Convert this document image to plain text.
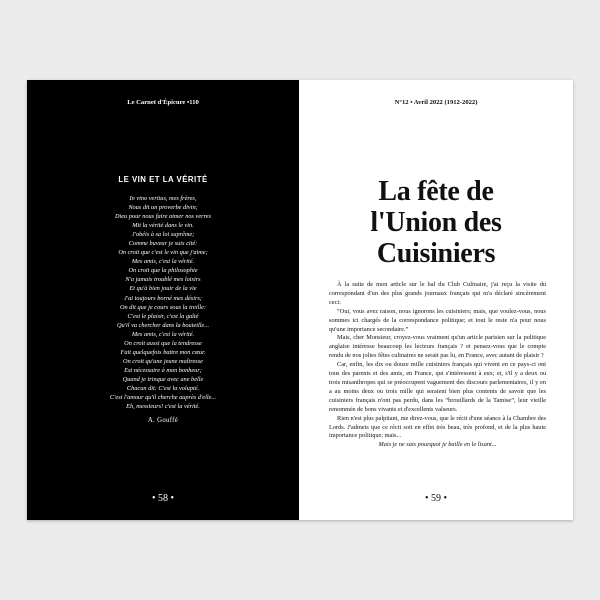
Le Carnet d'Épicure •110
LE VIN ET LA VÉRITÉ
In vino veritas, mes frères,
Nous dit un proverbe divin;
Dieu pour nous faire aimer nos verres
Mit la vérité dans le vin.
J'obéis à sa loi suprême;
Comme buveur je suis cité:
On croit que c'est le vin que j'aime;
Mes amis, c'est la vérité.
On croit que la philosophie
N'a jamais troublé mes loisirs
Et qu'à bien jouir de la vie
J'ai toujours borné mes désirs;
On dit que je cours sous la treille:
C'est le plaisir, c'est la gaîté
Qu'il va chercher dans la bouteille...
Mes amis, c'est la vérité.
On croit aussi que la tendresse
Fait quelquefois battre mon cœur.
On croit qu'une jeune maîtresse
Est nécessaire à mon bonheur;
Quand je trinque avec une belle
Chacun dit: C'est la volupté.
C'est l'amour qu'il cherche auprès d'elle...
Eh, messieurs! c'est la vérité.
A. Gouffé
• 58 •
N°12 • Avril 2022 (1912-2022)
La fête de
l'Union des
Cuisiniers

À la suite de mon article sur le bal du Club Culinaire, j'ai reçu la visite du correspondant d'un des plus grands journaux français qui m'a déclaré sincèrement ceci:

“Oui, vous avez raison, nous ignorons les cuisiniers; mais, que voulez-vous, nous sommes ici chargés de la correspondance politique; et tout le reste n'a pour nous qu'une importance secondaire.”

Mais, cher Monsieur, croyez-vous vraiment qu'un article parisien sur la politique anglaise intéresse beaucoup les lecteurs français ? et pensez-vous que le compte rendu de nos jolies fêtes culinaires ne serait pas lu, en France, avec autant de plaisir ?

Car, enfin, les dix ou douze mille cuisiniers français qui vivent en ce pays-ci ont tous des parents et des amis, en France, qui s'intéressent à eux; et, s'il y a deux ou trois misanthropes qui se préoccupent vaguement des discours parlementaires, il y en a au moins deux ou trois mille qui seraient bien plus contents de savoir que les cuisiniers français n'ont pas perdu, dans les “brouillards de la Tamise”, leur vieille renommée de bons vivants et d'excellents valseurs.

Rien n'est plus palpitant, me direz-vous, que le récit d'une séance à la Chambre des Lords. J'admets que ce récit soit en effet très beau, très profond, et de la plus haute importance politique; mais...

Mais je ne sais pourquoi je baille en le lisant...

• 59 •
